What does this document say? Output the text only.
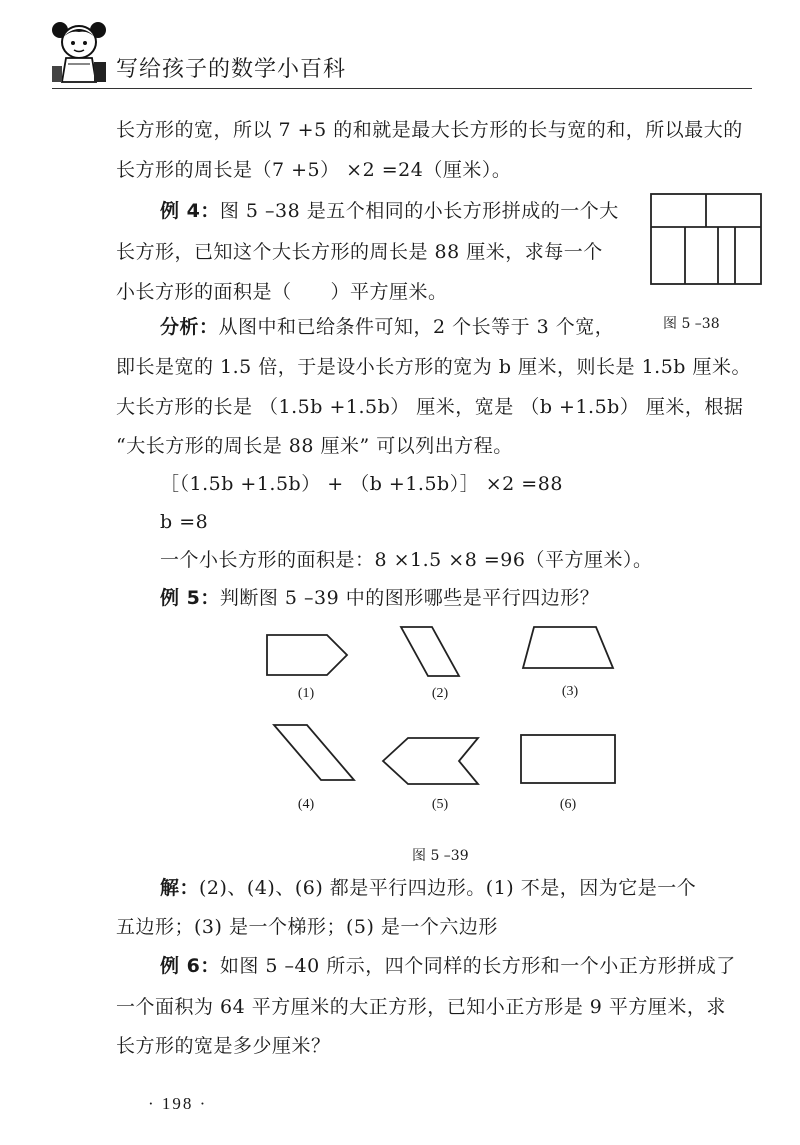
写给孩子的数学小百科
长方形的宽，所以 7 +5 的和就是最大长方形的长与宽的和，所以最大的
长方形的周长是（7 +5） ×2 =24（厘米）。
例 4：图 5 –38 是五个相同的小长方形拼成的一个大
长方形，已知这个大长方形的周长是 88 厘米，求每一个
小长方形的面积是（　　）平方厘米。
图 5 –38
分析：从图中和已给条件可知，2 个长等于 3 个宽，
即长是宽的 1.5 倍，于是设小长方形的宽为 b 厘米，则长是 1.5b 厘米。
大长方形的长是 （1.5b +1.5b） 厘米，宽是 （b +1.5b） 厘米，根据
“大长方形的周长是 88 厘米” 可以列出方程。
［（1.5b +1.5b） + （b +1.5b）］ ×2 =88
b =8
一个小长方形的面积是：8 ×1.5 ×8 =96（平方厘米）。
例 5：判断图 5 –39 中的图形哪些是平行四边形？
(1)	(2)	(3)
(4)	(5)	(6)
图 5 –39
解：(2)、(4)、(6) 都是平行四边形。(1) 不是，因为它是一个
五边形；(3) 是一个梯形；(5) 是一个六边形
例 6：如图 5 –40 所示，四个同样的长方形和一个小正方形拼成了
一个面积为 64 平方厘米的大正方形，已知小正方形是 9 平方厘米，求
长方形的宽是多少厘米？
· 198 ·
